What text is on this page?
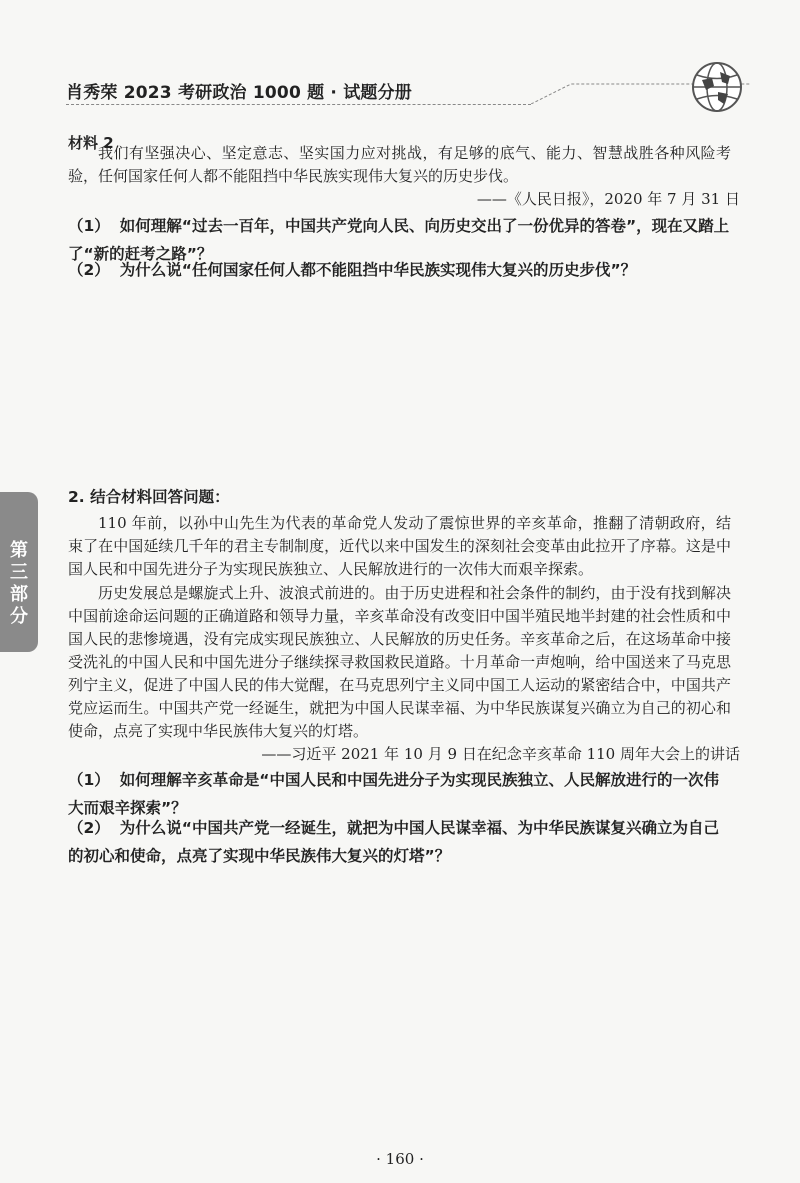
肖秀荣 2023 考研政治 1000 题 · 试题分册
材料 2
我们有坚强决心、坚定意志、坚实国力应对挑战，有足够的底气、能力、智慧战胜各种风险考验，任何国家任何人都不能阻挡中华民族实现伟大复兴的历史步伐。
——《人民日报》，2020 年 7 月 31 日
（1） 如何理解“过去一百年，中国共产党向人民、向历史交出了一份优异的答卷”，现在又踏上了“新的赶考之路”？
（2） 为什么说“任何国家任何人都不能阻挡中华民族实现伟大复兴的历史步伐”？
第三部分
2. 结合材料回答问题：
110 年前，以孙中山先生为代表的革命党人发动了震惊世界的辛亥革命，推翻了清朝政府，结束了在中国延续几千年的君主专制制度，近代以来中国发生的深刻社会变革由此拉开了序幕。这是中国人民和中国先进分子为实现民族独立、人民解放进行的一次伟大而艰辛探索。
历史发展总是螺旋式上升、波浪式前进的。由于历史进程和社会条件的制约，由于没有找到解决中国前途命运问题的正确道路和领导力量，辛亥革命没有改变旧中国半殖民地半封建的社会性质和中国人民的悲惨境遇，没有完成实现民族独立、人民解放的历史任务。辛亥革命之后，在这场革命中接受洗礼的中国人民和中国先进分子继续探寻救国救民道路。十月革命一声炮响，给中国送来了马克思列宁主义，促进了中国人民的伟大觉醒，在马克思列宁主义同中国工人运动的紧密结合中，中国共产党应运而生。中国共产党一经诞生，就把为中国人民谋幸福、为中华民族谋复兴确立为自己的初心和使命，点亮了实现中华民族伟大复兴的灯塔。
——习近平 2021 年 10 月 9 日在纪念辛亥革命 110 周年大会上的讲话
（1） 如何理解辛亥革命是“中国人民和中国先进分子为实现民族独立、人民解放进行的一次伟大而艰辛探索”？
（2） 为什么说“中国共产党一经诞生，就把为中国人民谋幸福、为中华民族谋复兴确立为自己的初心和使命，点亮了实现中华民族伟大复兴的灯塔”？
· 160 ·
